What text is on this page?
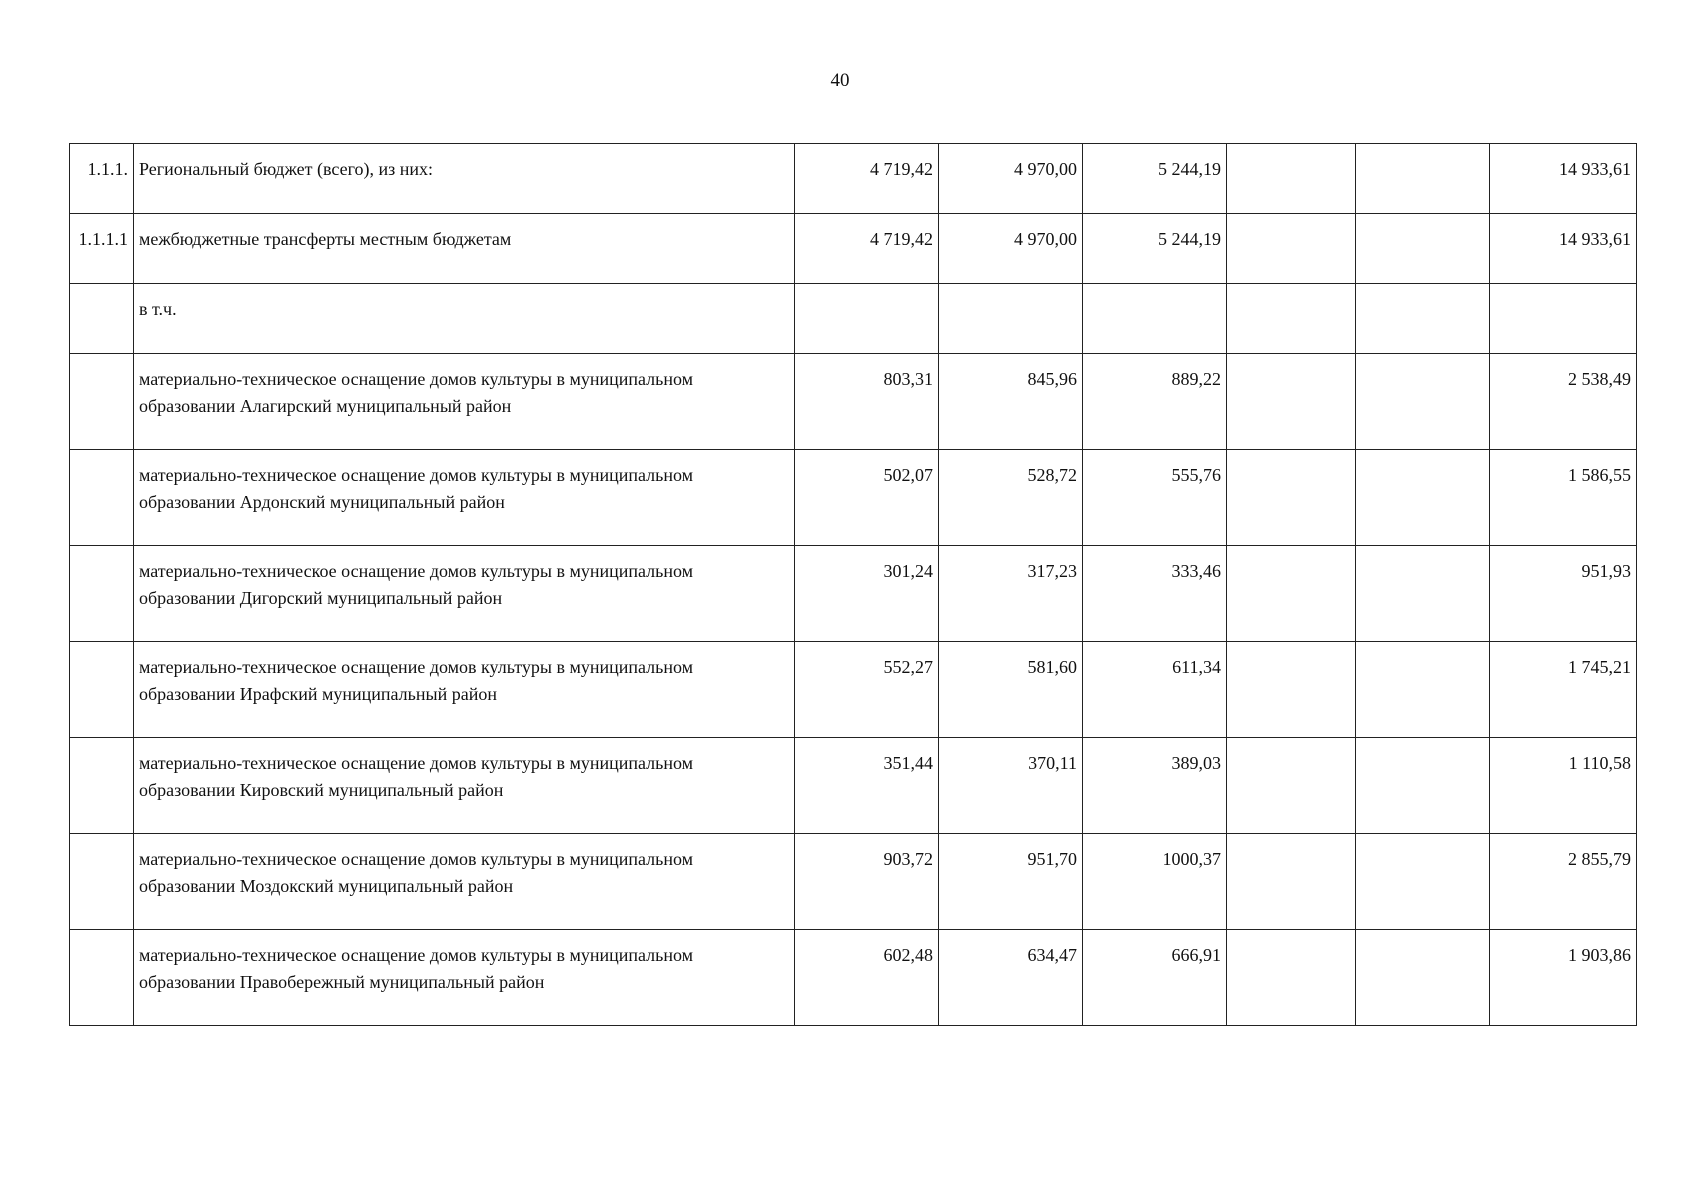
40
1.1.1.	Региональный бюджет (всего), из них:	4 719,42	4 970,00	5 244,19			14 933,61
1.1.1.1	межбюджетные трансферты местным бюджетам	4 719,42	4 970,00	5 244,19			14 933,61

	в т.ч.						

	материально-техническое оснащение домов культуры в муниципальном
образовании Алагирский муниципальный район	803,31	845,96	889,22			2 538,49

	материально-техническое оснащение домов культуры в муниципальном
образовании Ардонский муниципальный район	502,07	528,72	555,76			1 586,55

	материально-техническое оснащение домов культуры в муниципальном
образовании Дигорский муниципальный район	301,24	317,23	333,46			951,93

	материально-техническое оснащение домов культуры в муниципальном
образовании Ирафский муниципальный район	552,27	581,60	611,34			1 745,21

	материально-техническое оснащение домов культуры в муниципальном
образовании Кировский муниципальный район	351,44	370,11	389,03			1 110,58

	материально-техническое оснащение домов культуры в муниципальном
образовании Моздокский муниципальный район	903,72	951,70	1000,37			2 855,79

	материально-техническое оснащение домов культуры в муниципальном
образовании Правобережный муниципальный район	602,48	634,47	666,91			1 903,86
